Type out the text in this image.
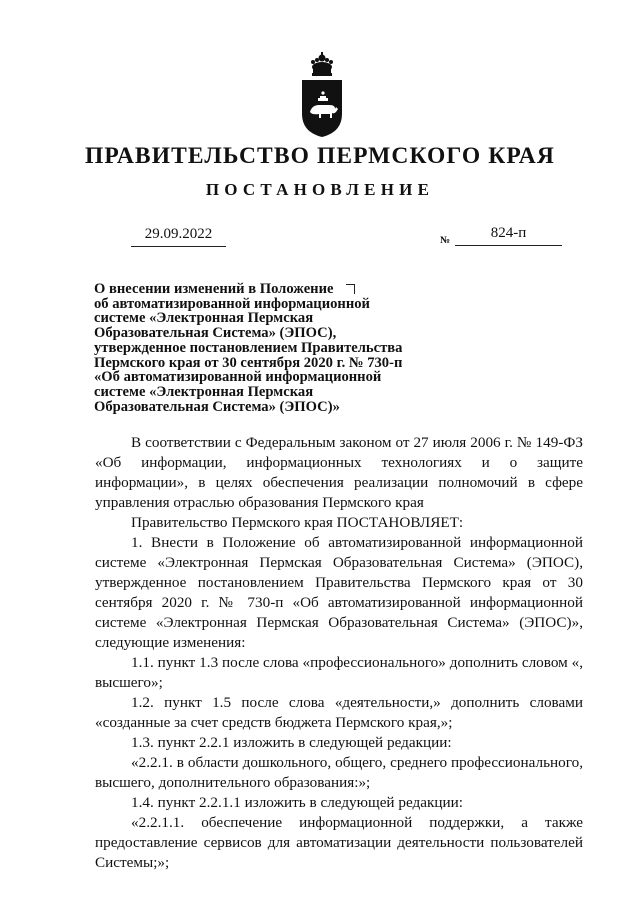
ПРАВИТЕЛЬСТВО ПЕРМСКОГО КРАЯ
ПОСТАНОВЛЕНИЕ
29.09.2022	№	824-п
О внесении изменений в Положение
об автоматизированной информационной
системе «Электронная Пермская
Образовательная Система» (ЭПОС),
утвержденное постановлением Правительства
Пермского края от 30 сентября 2020 г. № 730-п
«Об автоматизированной информационной
системе «Электронная Пермская
Образовательная Система» (ЭПОС)»

В соответствии с Федеральным законом от 27 июля 2006 г. № 149-ФЗ «Об информации, информационных технологиях и о защите информации», в целях обеспечения реализации полномочий в сфере управления отраслью образования Пермского края

Правительство Пермского края ПОСТАНОВЛЯЕТ:

1. Внести в Положение об автоматизированной информационной системе «Электронная Пермская Образовательная Система» (ЭПОС), утвержденное постановлением Правительства Пермского края от 30 сентября 2020 г. № 730-п «Об автоматизированной информационной системе «Электронная Пермская Образовательная Система» (ЭПОС)», следующие изменения:

1.1. пункт 1.3 после слова «профессионального» дополнить словом «, высшего»;

1.2. пункт 1.5 после слова «деятельности,» дополнить словами «созданные за счет средств бюджета Пермского края,»;

1.3. пункт 2.2.1 изложить в следующей редакции:

«2.2.1. в области дошкольного, общего, среднего профессионального, высшего, дополнительного образования:»;

1.4. пункт 2.2.1.1 изложить в следующей редакции:

«2.2.1.1. обеспечение информационной поддержки, а также предоставление сервисов для автоматизации деятельности пользователей Системы;»;
